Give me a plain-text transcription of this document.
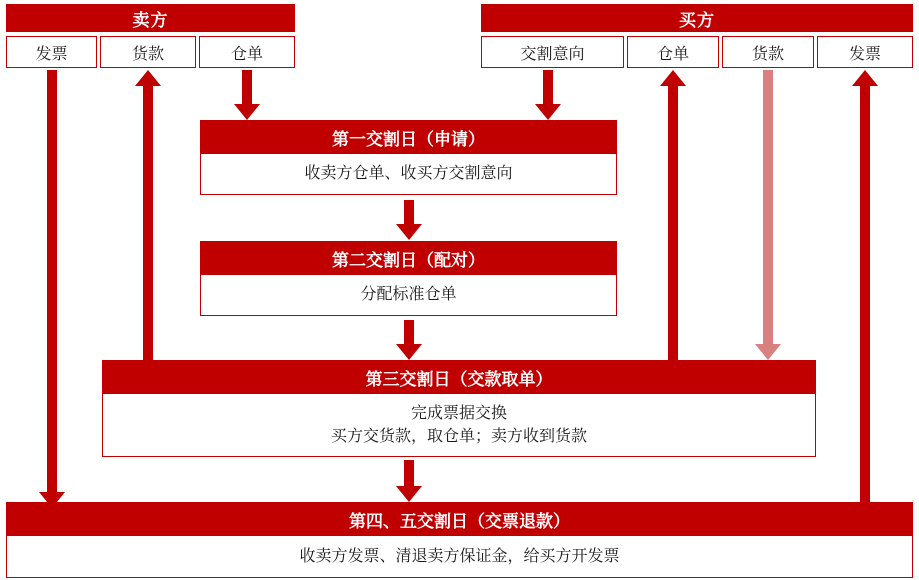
卖方
发票	货款	仓单
买方
交割意向	仓单	货款	发票
第一交割日（申请）
收卖方仓单、收买方交割意向
第二交割日（配对）
分配标准仓单
第三交割日（交款取单）
完成票据交换
买方交货款，取仓单；卖方收到货款
第四、五交割日（交票退款）
收卖方发票、清退卖方保证金，给买方开发票
